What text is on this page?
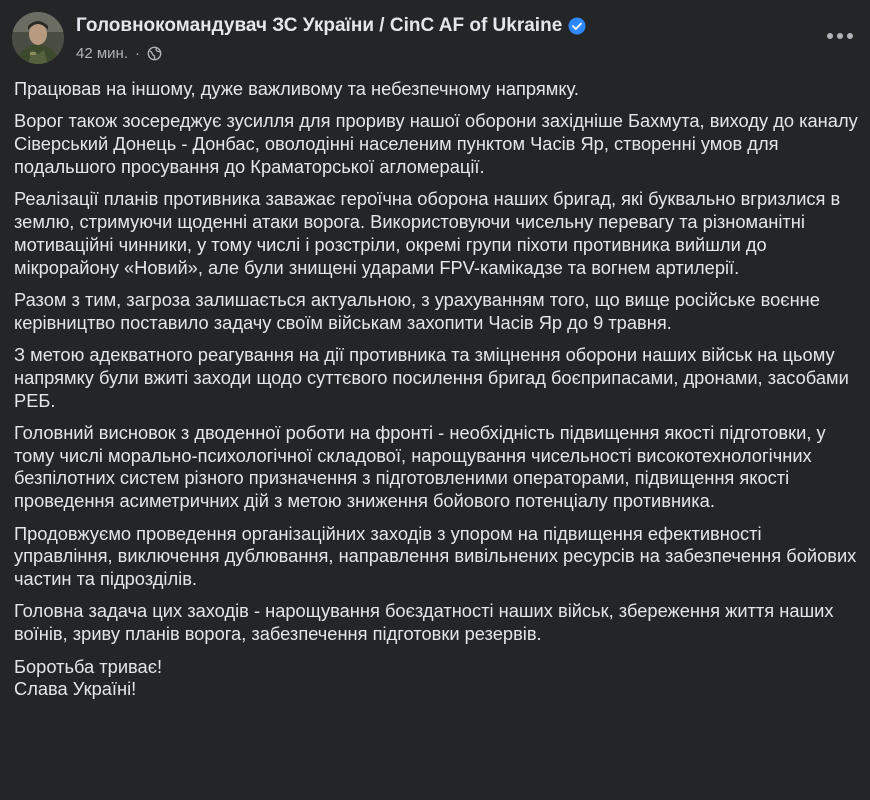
Головнокомандувач ЗС України / CinC AF of Ukraine
42 мин. ·

Працював на іншому, дуже важливому та небезпечному напрямку.

Ворог також зосереджує зусилля для прориву нашої оборони західніше Бахмута, виходу до каналу Сіверський Донець - Донбас, оволодінні населеним пунктом Часів Яр, створенні умов для подальшого просування до Краматорської агломерації.

Реалізації планів противника заважає героїчна оборона наших бригад, які буквально вгризлися в землю, стримуючи щоденні атаки ворога. Використовуючи чисельну перевагу та різноманітні мотиваційні чинники, у тому числі і розстріли, окремі групи піхоти противника вийшли до мікрорайону «Новий», але були знищені ударами FPV-камікадзе та вогнем артилерії.

Разом з тим, загроза залишається актуальною, з урахуванням того, що вище російське воєнне керівництво поставило задачу своїм військам захопити Часів Яр до 9 травня.

З метою адекватного реагування на дії противника та зміцнення оборони наших військ на цьому напрямку були вжиті заходи щодо суттєвого посилення бригад боєприпасами, дронами, засобами РЕБ.

Головний висновок з дводенної роботи на фронті - необхідність підвищення якості підготовки, у тому числі морально-психологічної складової, нарощування чисельності високотехнологічних безпілотних систем різного призначення з підготовленими операторами, підвищення якості проведення асиметричних дій з метою зниження бойового потенціалу противника.

Продовжуємо проведення організаційних заходів з упором на підвищення ефективності управління, виключення дублювання, направлення вивільнених ресурсів на забезпечення бойових частин та підрозділів.

Головна задача цих заходів - нарощування боєздатності наших військ, збереження життя наших воїнів, зриву планів ворога, забезпечення підготовки резервів.

Боротьба триває!

Слава Україні!
